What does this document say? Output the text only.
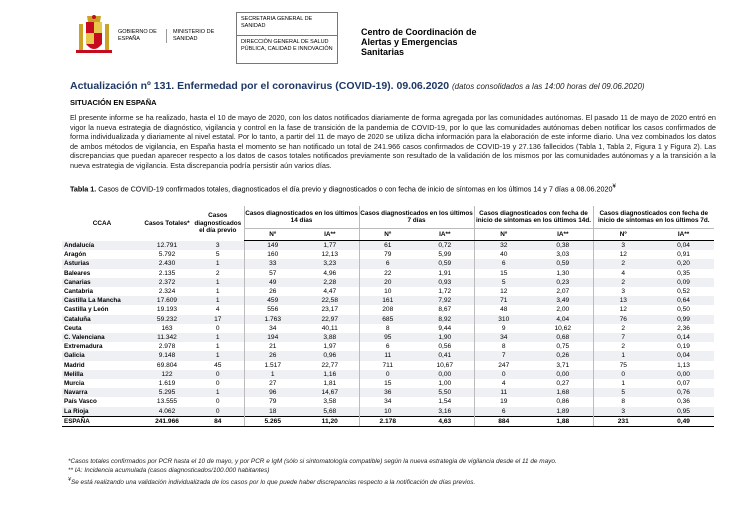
GOBIERNO DE ESPAÑA
MINISTERIO DE SANIDAD
SECRETARIA GENERAL DE SANIDAD
DIRECCIÓN GENERAL DE SALUD PÚBLICA, CALIDAD E INNOVACIÓN
Centro de Coordinación de Alertas y Emergencias Sanitarias
Actualización nº 131. Enfermedad por el coronavirus (COVID-19). 09.06.2020 (datos consolidados a las 14:00 horas del 09.06.2020)
SITUACIÓN EN ESPAÑA
El presente informe se ha realizado, hasta el 10 de mayo de 2020, con los datos notificados diariamente de forma agregada por las comunidades autónomas. El pasado 11 de mayo de 2020 entró en vigor la nueva estrategia de diagnóstico, vigilancia y control en la fase de transición de la pandemia de COVID-19, por lo que las comunidades autónomas deben notificar los casos confirmados de forma individualizada y diariamente al nivel estatal. Por lo tanto, a partir del 11 de mayo de 2020 se utiliza dicha información para la elaboración de este informe diario. Una vez combinados los datos de ambos métodos de vigilancia, en España hasta el momento se han notificado un total de 241.966 casos confirmados de COVID-19 y 27.136 fallecidos (Tabla 1, Tabla 2, Figura 1 y Figura 2). Las discrepancias que puedan aparecer respecto a los datos de casos totales notificados previamente son resultado de la validación de los mismos por las comunidades autónomas y a la transición a la nueva estrategia de vigilancia. Esta discrepancia podría persistir aún varios días.
Tabla 1. Casos de COVID-19 confirmados totales, diagnosticados el día previo y diagnosticados o con fecha de inicio de síntomas en los últimos 14 y 7 días a 08.06.2020¥
CCAA	Casos Totales*	Casos diagnosticados el día previo	Casos diagnosticados en los últimos 14 días		Casos diagnosticados en los últimos 7 días		Casos diagnosticados con fecha de inicio de síntomas en los últimos 14d.		Casos diagnosticados con fecha de inicio de síntomas en los últimos 7d.	
			Nº	IA**	Nº	IA**	Nº	IA**	Nº	IA**
Andalucía	12.791	3	149	1,77	61	0,72	32	0,38	3	0,04
Aragón	5.792	5	160	12,13	79	5,99	40	3,03	12	0,91
Asturias	2.430	1	33	3,23	6	0,59	6	0,59	2	0,20
Baleares	2.135	2	57	4,96	22	1,91	15	1,30	4	0,35
Canarias	2.372	1	49	2,28	20	0,93	5	0,23	2	0,09
Cantabria	2.324	1	26	4,47	10	1,72	12	2,07	3	0,52
Castilla La Mancha	17.609	1	459	22,58	161	7,92	71	3,49	13	0,64
Castilla y León	19.193	4	556	23,17	208	8,67	48	2,00	12	0,50
Cataluña	59.232	17	1.763	22,97	685	8,92	310	4,04	76	0,99
Ceuta	163	0	34	40,11	8	9,44	9	10,62	2	2,36
C. Valenciana	11.342	1	194	3,88	95	1,90	34	0,68	7	0,14
Extremadura	2.978	1	21	1,97	6	0,56	8	0,75	2	0,19
Galicia	9.148	1	26	0,96	11	0,41	7	0,26	1	0,04
Madrid	69.804	45	1.517	22,77	711	10,67	247	3,71	75	1,13
Melilla	122	0	1	1,16	0	0,00	0	0,00	0	0,00
Murcia	1.619	0	27	1,81	15	1,00	4	0,27	1	0,07
Navarra	5.295	1	96	14,67	36	5,50	11	1,68	5	0,76
País Vasco	13.555	0	79	3,58	34	1,54	19	0,86	8	0,36
La Rioja	4.062	0	18	5,68	10	3,16	6	1,89	3	0,95
ESPAÑA	241.966	84	5.265	11,20	2.178	4,63	884	1,88	231	0,49
*Casos totales confirmados por PCR hasta el 10 de mayo, y por PCR e IgM (sólo si sintomatología compatible) según la nueva estrategia de vigilancia desde el 11 de mayo.
** IA: Incidencia acumulada (casos diagnosticados/100.000 habitantes)
¥Se está realizando una validación individualizada de los casos por lo que puede haber discrepancias respecto a la notificación de días previos.
